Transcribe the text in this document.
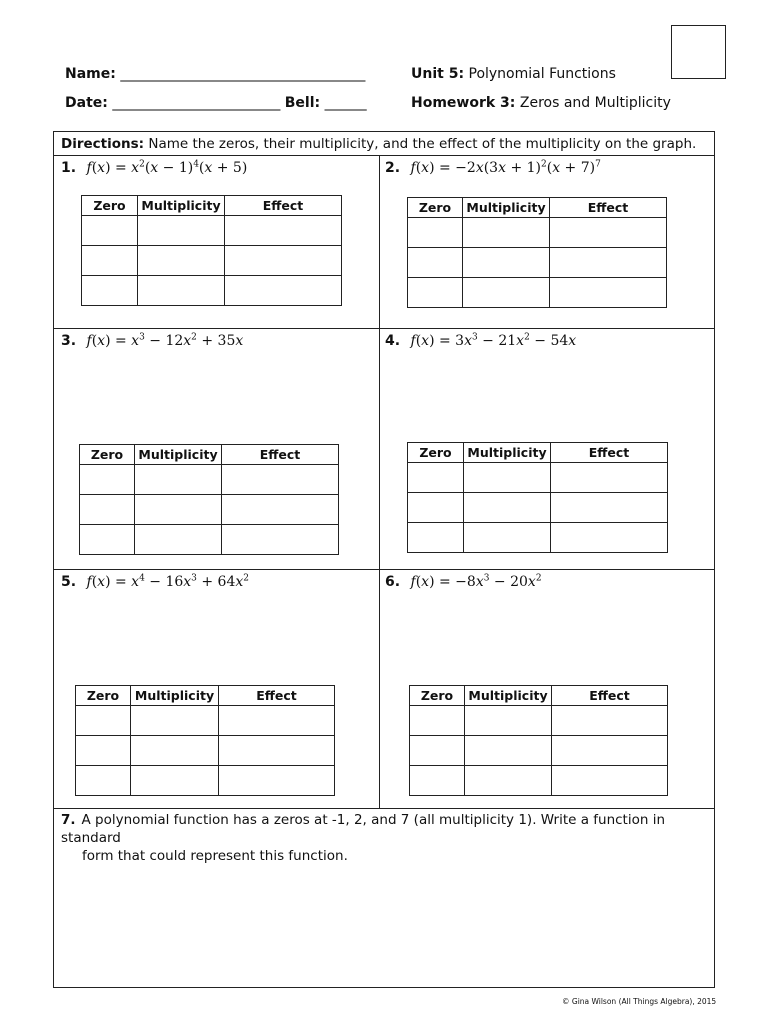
Name: ___________________________________
Date: ________________________ Bell: ______
Unit 5: Polynomial Functions
Homework 3: Zeros and Multiplicity
Directions: Name the zeros, their multiplicity, and the effect of the multiplicity on the graph.
1. $f(x) = x^2(x - 1)^4(x + 5)$	2. $f(x) = -2x(3x + 1)^2(x + 7)^7$
3. $f(x) = x^3 - 12x^2 + 35x$	4. $f(x) = 3x^3 - 21x^2 - 54x$
5. $f(x) = x^4 - 16x^3 + 64x^2$	6. $f(x) = -8x^3 - 20x^2$
Zero	Multiplicity	Effect

			Zero	Multiplicity	Effect

Zero	Multiplicity	Effect

			Zero	Multiplicity	Effect

Zero	Multiplicity	Effect

			Zero	Multiplicity	Effect

7. A polynomial function has a zeros at -1, 2, and 7 (all multiplicity 1). Write a function in standard
form that could represent this function.
© Gina Wilson (All Things Algebra), 2015
